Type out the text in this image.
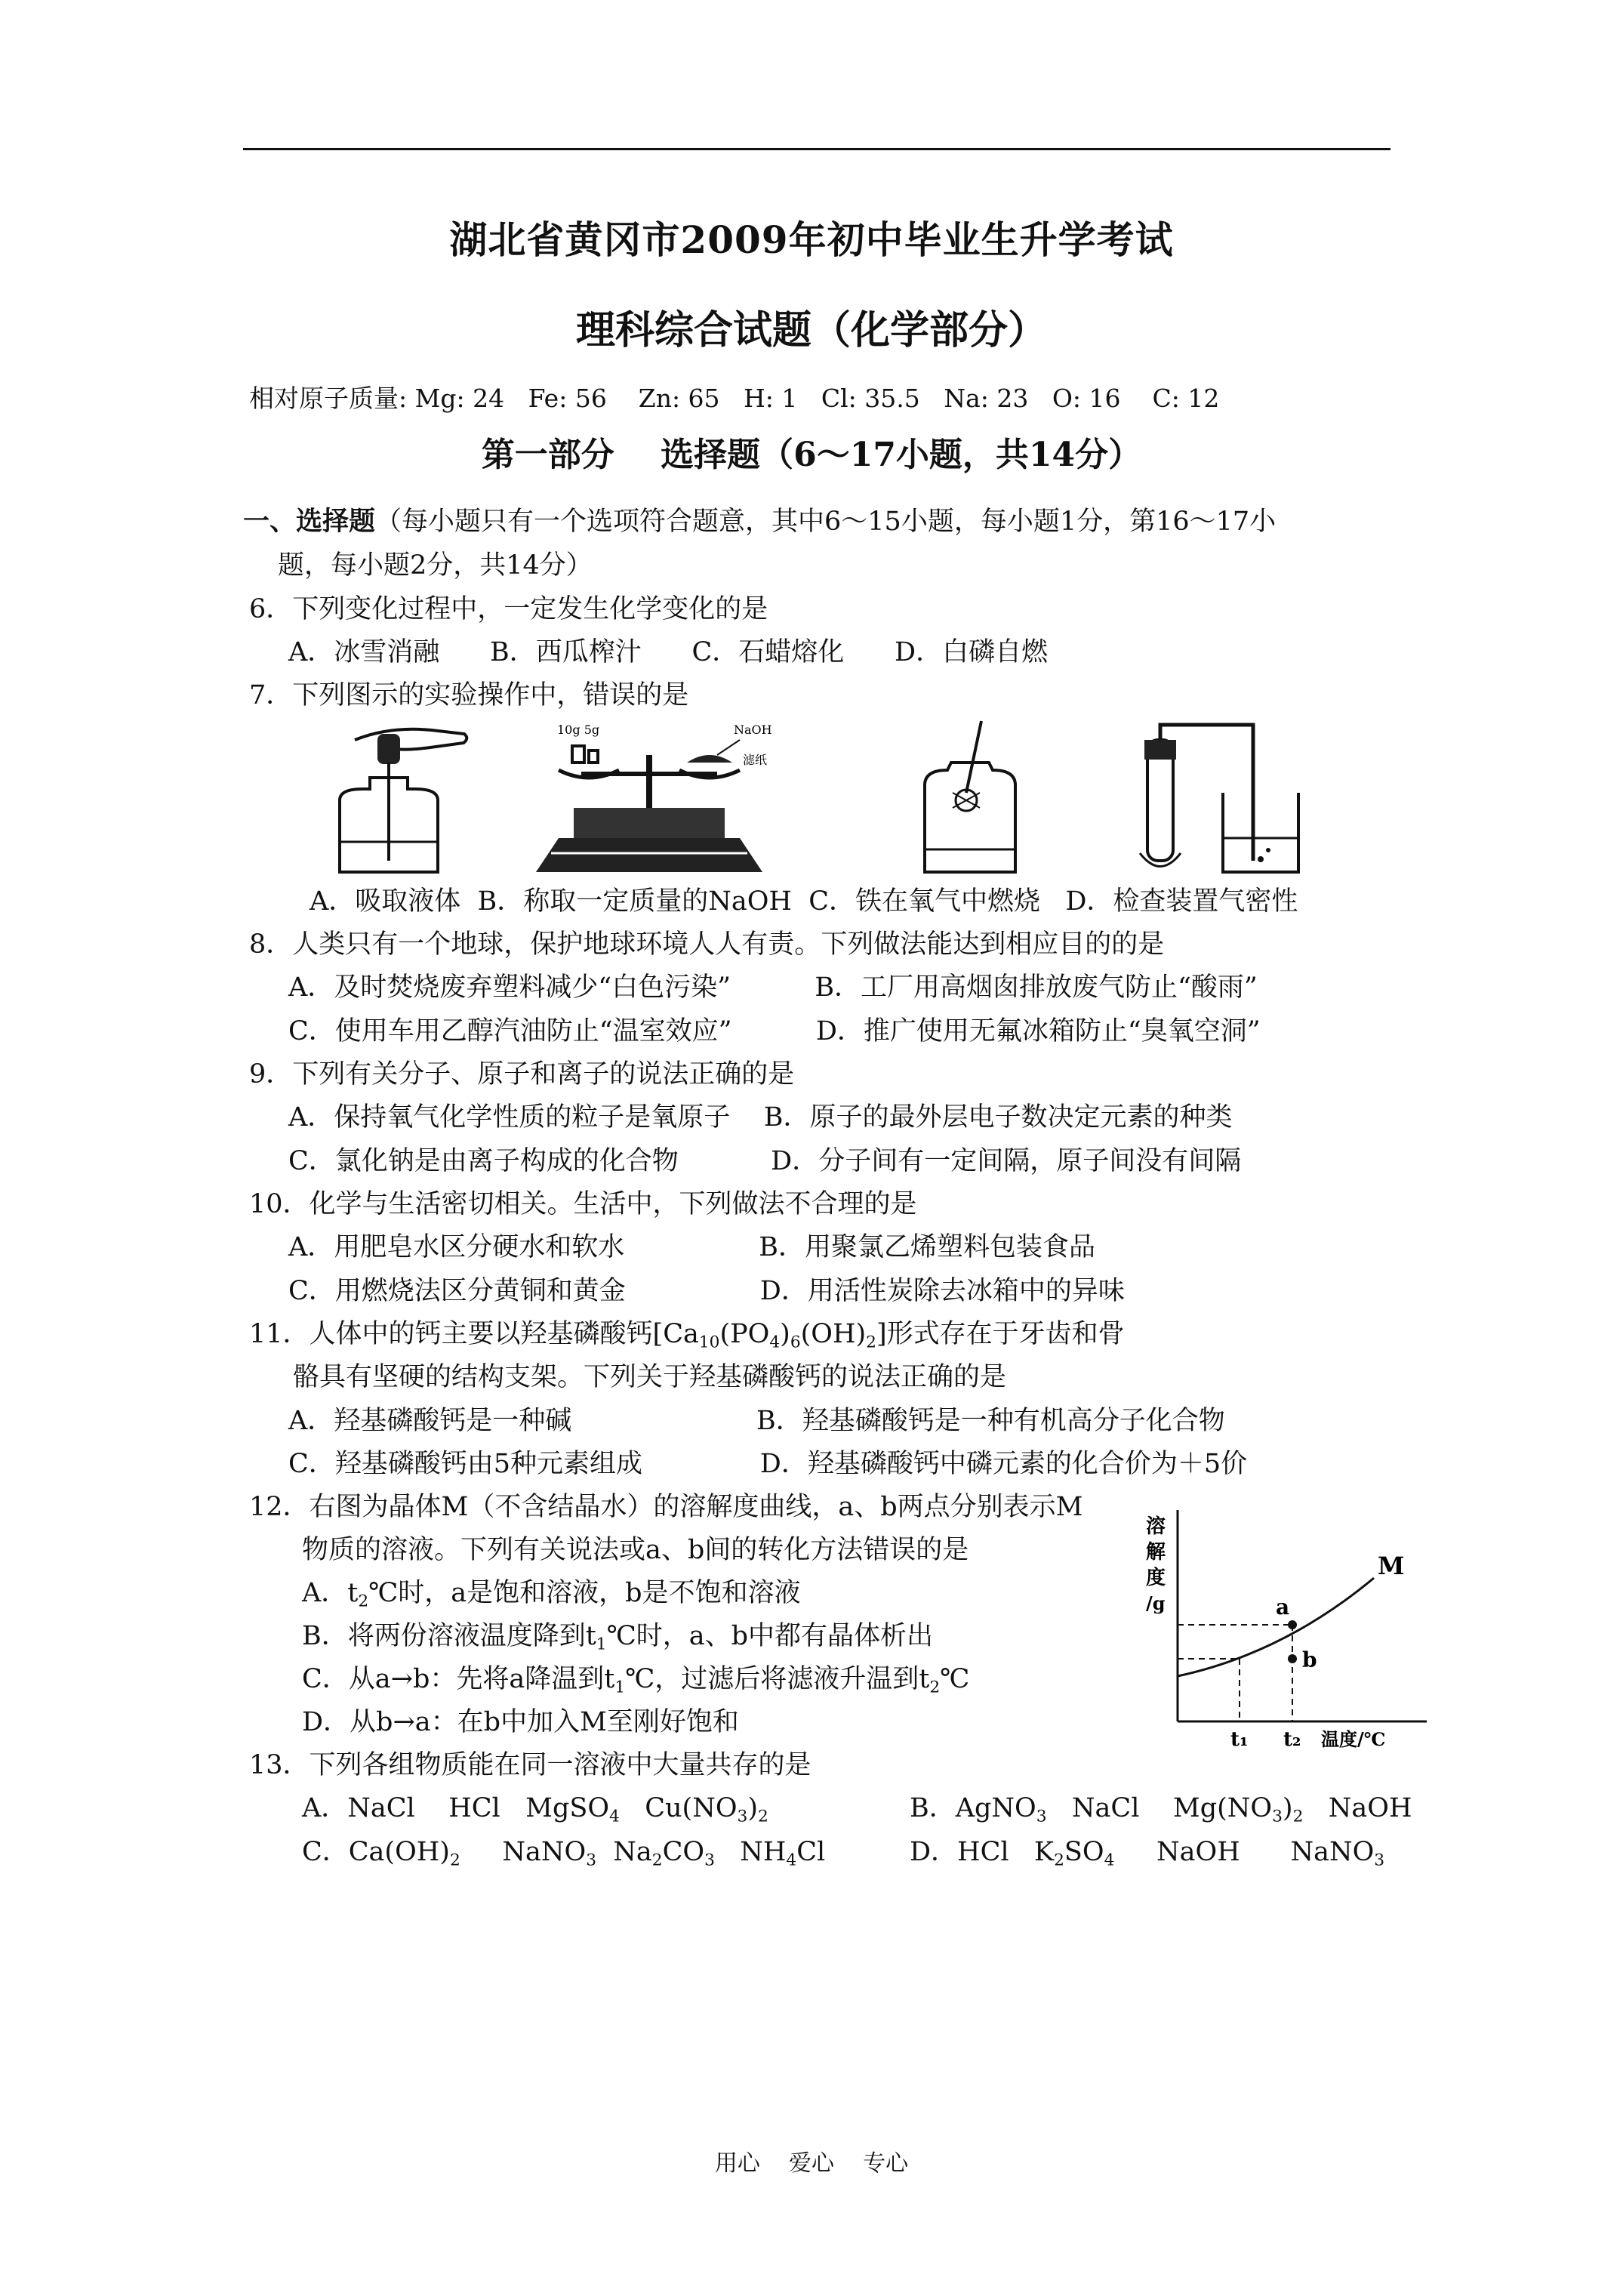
湖北省黄冈市2009年初中毕业生升学考试
理科综合试题（化学部分）
相对原子质量: Mg: 24   Fe: 56    Zn: 65   H: 1   Cl: 35.5   Na: 23   O: 16    C: 12
第一部分    选择题（6～17小题，共14分）
一、选择题（每小题只有一个选项符合题意，其中6～15小题，每小题1分，第16～17小
题，每小题2分，共14分）
6．下列变化过程中，一定发生化学变化的是
A．冰雪消融      B．西瓜榨汁      C．石蜡熔化      D．白磷自燃
7．下列图示的实验操作中，错误的是
10g 5g	NaOH
滤纸
A．吸取液体  B．称取一定质量的NaOH  C．铁在氧气中燃烧   D．检查装置气密性
8．人类只有一个地球，保护地球环境人人有责。下列做法能达到相应目的的是
A．及时焚烧废弃塑料减少“白色污染”          B．工厂用高烟囱排放废气防止“酸雨”
C．使用车用乙醇汽油防止“温室效应”          D．推广使用无氟冰箱防止“臭氧空洞”
9．下列有关分子、原子和离子的说法正确的是
A．保持氧气化学性质的粒子是氧原子    B．原子的最外层电子数决定元素的种类
C．氯化钠是由离子构成的化合物           D．分子间有一定间隔，原子间没有间隔
10．化学与生活密切相关。生活中，下列做法不合理的是
A．用肥皂水区分硬水和软水                B．用聚氯乙烯塑料包装食品
C．用燃烧法区分黄铜和黄金                D．用活性炭除去冰箱中的异味
11．人体中的钙主要以羟基磷酸钙$[Ca_{10}(PO_4)_6(OH)_2]$形式存在于牙齿和骨
骼具有坚硬的结构支架。下列关于羟基磷酸钙的说法正确的是
A．羟基磷酸钙是一种碱                      B．羟基磷酸钙是一种有机高分子化合物
C．羟基磷酸钙由5种元素组成              D．羟基磷酸钙中磷元素的化合价为＋5价
12．右图为晶体M（不含结晶水）的溶解度曲线，a、b两点分别表示M
物质的溶液。下列有关说法或a、b间的转化方法错误的是
A．$t_2℃$时，a是饱和溶液，b是不饱和溶液
B．将两份溶液温度降到$t_1℃$时，a、b中都有晶体析出
C．从a→b：先将a降温到$t_1℃$，过滤后将滤液升温到$t_2℃$
D．从b→a：在b中加入M至刚好饱和
溶
解
度
/g	a
b
M
t₁ t₂ 温度/℃
13．下列各组物质能在同一溶液中大量共存的是
A．NaCl    HCl   MgSO$_4$   $Cu(NO_3)_2$	B．AgNO$_3$   NaCl    $Mg(NO_3)_2$   NaOH
C．$Ca(OH)_2$     NaNO$_3$  $Na_2CO_3$   $NH_4Cl$	D．HCl   $K_2SO_4$     NaOH      NaNO$_3$
用心    爱心    专心
